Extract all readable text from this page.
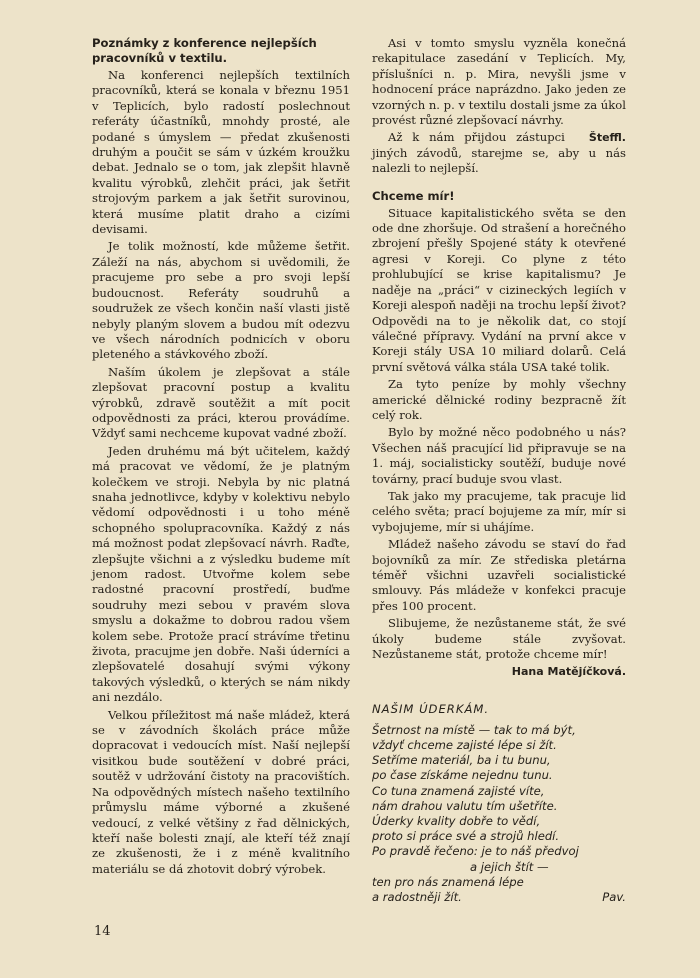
Poznámky z konference nejlepších pracovníků v textilu.

Na konferenci nejlepších textilních pracovníků, která se konala v březnu 1951 v Teplicích, bylo radostí poslechnout referáty účastníků, mnohdy prosté, ale podané s úmyslem — předat zkušenosti druhým a poučit se sám v úzkém kroužku debat. Jednalo se o tom, jak zlepšit hlavně kvalitu výrobků, zlehčit práci, jak šetřit strojovým parkem a jak šetřit surovinou, která musíme platit draho a cizími devisami.

Je tolik možností, kde můžeme šetřit. Záleží na nás, abychom si uvědomili, že pracujeme pro sebe a pro svoji lepší budoucnost. Referáty soudruhů a soudružek ze všech končin naší vlasti jistě nebyly planým slovem a budou mít odezvu ve všech národních podnicích v oboru pleteného a stávkového zboží.

Naším úkolem je zlepšovat a stále zlepšovat pracovní postup a kvalitu výrobků, zdravě soutěžit a mít pocit odpovědnosti za práci, kterou provádíme. Vždyť sami nechceme kupovat vadné zboží.

Jeden druhému má být učitelem, každý má pracovat ve vědomí, že je platným kolečkem ve stroji. Nebyla by nic platná snaha jednotlivce, kdyby v kolektivu nebylo vědomí odpovědnosti i u toho méně schopného spolupracovníka. Každý z nás má možnost podat zlepšovací návrh. Raďte, zlepšujte všichni a z výsledku budeme mít jenom radost. Utvořme kolem sebe radostné pracovní prostředí, buďme soudruhy mezi sebou v pravém slova smyslu a dokažme to dobrou radou všem kolem sebe. Protože prací strávíme třetinu života, pracujme jen dobře. Naši úderníci a zlepšovatelé dosahují svými výkony takových výsledků, o kterých se nám nikdy ani nezdálo.

Velkou příležitost má naše mládež, která se v závodních školách práce může dopracovat i vedoucích míst. Naší nejlepší visitkou bude soutěžení v dobré práci, soutěž v udržování čistoty na pracovištích. Na odpovědných místech našeho textilního průmyslu máme výborné a zkušené vedoucí, z velké většiny z řad dělnických, kteří naše bolesti znají, ale kteří též znají ze zkušenosti, že i z méně kvalitního materiálu se dá zhotovit dobrý výrobek.

Asi v tomto smyslu vyzněla konečná rekapitulace zasedání v Teplicích. My, příslušníci n. p. Mira, nevyšli jsme v hodnocení práce naprázdno. Jako jeden ze vzorných n. p. v textilu dostali jsme za úkol provést různé zlepšovací návrhy.

Šteffl.
Až k nám přijdou zástupci jiných závodů, starejme se, aby u nás nalezli to nejlepší.

Chceme mír!

Situace kapitalistického světa se den ode dne zhoršuje. Od strašení a horečného zbrojení přešly Spojené státy k otevřené agresi v Koreji. Co plyne z této prohlubující se krise kapitalismu? Je naděje na „práci“ v cizineckých legiích v Koreji alespoň naději na trochu lepší život? Odpovědi na to je několik dat, co stojí válečné přípravy. Vydání na první akce v Koreji stály USA 10 miliard dolarů. Celá první světová válka stála USA také tolik.

Za tyto peníze by mohly všechny americké dělnické rodiny bezpracně žít celý rok.

Bylo by možné něco podobného u nás? Všechen náš pracující lid připravuje se na 1. máj, socialisticky soutěží, buduje nové továrny, prací buduje svou vlast.

Tak jako my pracujeme, tak pracuje lid celého světa; prací bojujeme za mír, mír si vybojujeme, mír si uhájíme.

Mládež našeho závodu se staví do řad bojovníků za mír. Ze střediska pletárna téměř všichni uzavřeli socialistické smlouvy. Pás mládeže v konfekci pracuje přes 100 procent.

Slibujeme, že nezůstaneme stát, že své úkoly budeme stále zvyšovat. Nezůstaneme stát, protože chceme mír!

Hana Matějíčková.

NAŠIM ÚDERKÁM.
Šetrnost na místě — tak to má být,
vždyť chceme zajisté lépe si žít.
Setříme materiál, ba i tu bunu,
po čase získáme nejednu tunu.
Co tuna znamená zajisté víte,
nám drahou valutu tím ušetříte.
Úderky kvality dobře to vědí,
proto si práce své a strojů hledí.
Po pravdě řečeno: je to náš předvoj
a jejich štít —
ten pro nás znamená lépe
a radostněji žít.	Pav.
14
